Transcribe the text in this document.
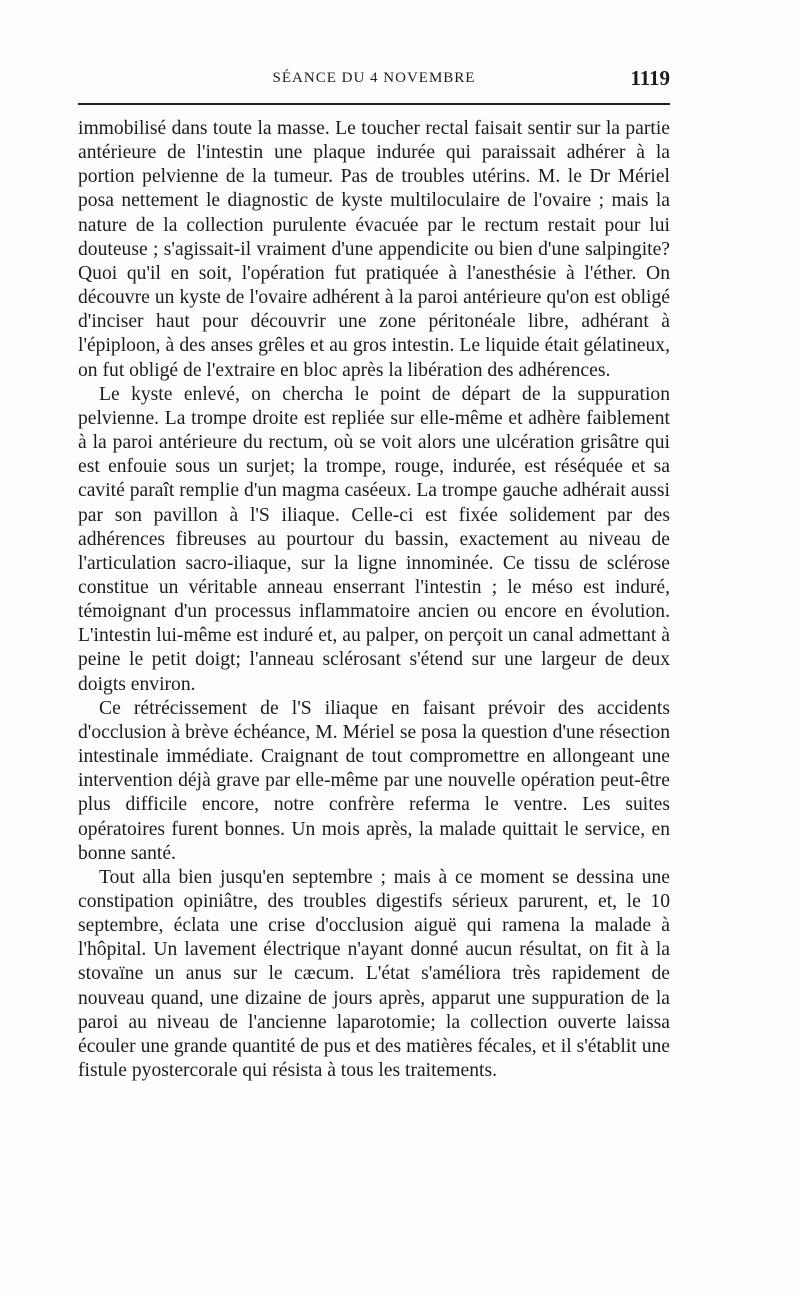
SÉANCE DU 4 NOVEMBRE	1119

immobilisé dans toute la masse. Le toucher rectal faisait sentir sur la partie antérieure de l'intestin une plaque indurée qui paraissait adhérer à la portion pelvienne de la tumeur. Pas de troubles utérins. M. le Dr Mériel posa nettement le diagnostic de kyste multiloculaire de l'ovaire ; mais la nature de la collection purulente évacuée par le rectum restait pour lui douteuse ; s'agissait-il vraiment d'une appendicite ou bien d'une salpingite? Quoi qu'il en soit, l'opération fut pratiquée à l'anesthésie à l'éther. On découvre un kyste de l'ovaire adhérent à la paroi antérieure qu'on est obligé d'inciser haut pour découvrir une zone péritonéale libre, adhérant à l'épiploon, à des anses grêles et au gros intestin. Le liquide était gélatineux, on fut obligé de l'extraire en bloc après la libération des adhérences.

Le kyste enlevé, on chercha le point de départ de la suppuration pelvienne. La trompe droite est repliée sur elle-même et adhère faiblement à la paroi antérieure du rectum, où se voit alors une ulcération grisâtre qui est enfouie sous un surjet; la trompe, rouge, indurée, est réséquée et sa cavité paraît remplie d'un magma caséeux. La trompe gauche adhérait aussi par son pavillon à l'S iliaque. Celle-ci est fixée solidement par des adhérences fibreuses au pourtour du bassin, exactement au niveau de l'articulation sacro-iliaque, sur la ligne innominée. Ce tissu de sclérose constitue un véritable anneau enserrant l'intestin ; le méso est induré, témoignant d'un processus inflammatoire ancien ou encore en évolution. L'intestin lui-même est induré et, au palper, on perçoit un canal admettant à peine le petit doigt; l'anneau sclérosant s'étend sur une largeur de deux doigts environ.

Ce rétrécissement de l'S iliaque en faisant prévoir des accidents d'occlusion à brève échéance, M. Mériel se posa la question d'une résection intestinale immédiate. Craignant de tout compromettre en allongeant une intervention déjà grave par elle-même par une nouvelle opération peut-être plus difficile encore, notre confrère referma le ventre. Les suites opératoires furent bonnes. Un mois après, la malade quittait le service, en bonne santé.

Tout alla bien jusqu'en septembre ; mais à ce moment se dessina une constipation opiniâtre, des troubles digestifs sérieux parurent, et, le 10 septembre, éclata une crise d'occlusion aiguë qui ramena la malade à l'hôpital. Un lavement électrique n'ayant donné aucun résultat, on fit à la stovaïne un anus sur le cæcum. L'état s'améliora très rapidement de nouveau quand, une dizaine de jours après, apparut une suppuration de la paroi au niveau de l'ancienne laparotomie; la collection ouverte laissa écouler une grande quantité de pus et des matières fécales, et il s'établit une fistule pyostercorale qui résista à tous les traitements.
